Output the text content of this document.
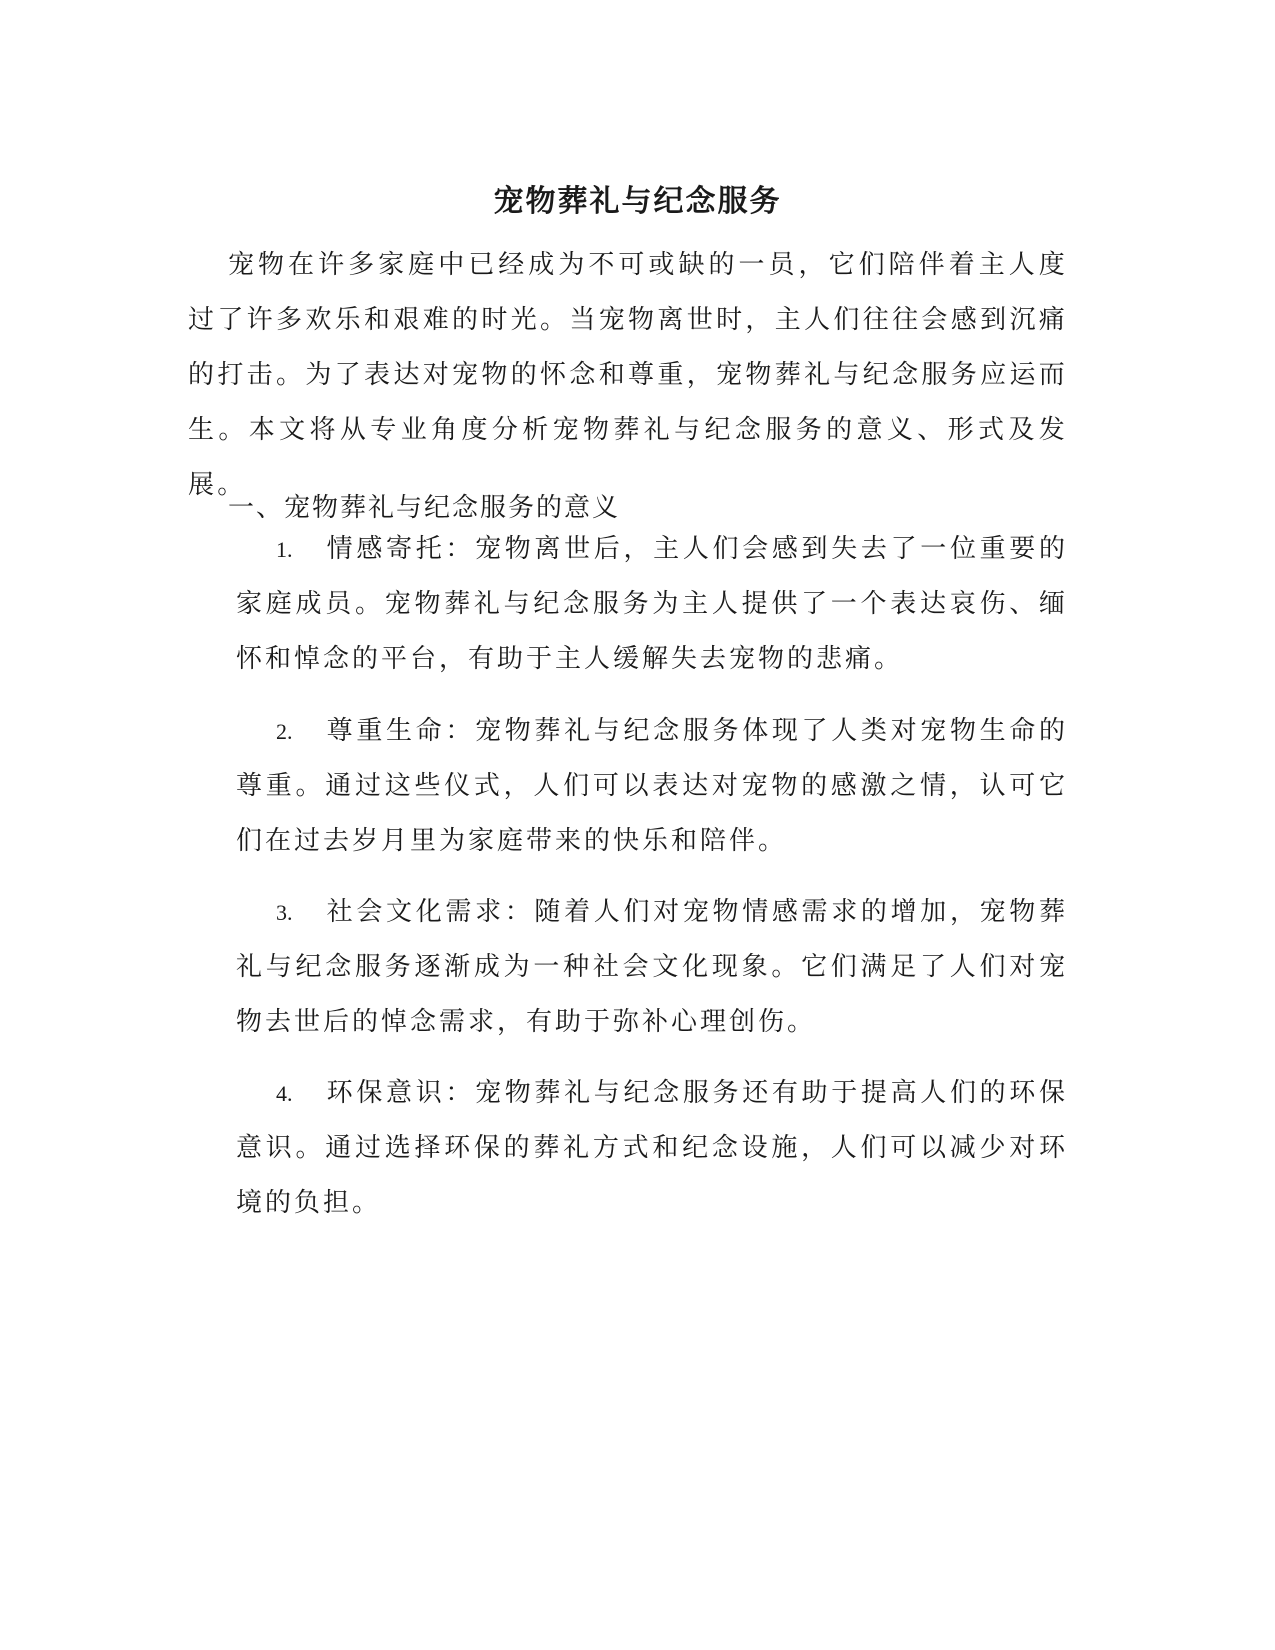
宠物葬礼与纪念服务

宠物在许多家庭中已经成为不可或缺的一员，它们陪伴着主人度过了许多欢乐和艰难的时光。当宠物离世时，主人们往往会感到沉痛的打击。为了表达对宠物的怀念和尊重，宠物葬礼与纪念服务应运而生。本文将从专业角度分析宠物葬礼与纪念服务的意义、形式及发展。

一、宠物葬礼与纪念服务的意义

1. 情感寄托：宠物离世后，主人们会感到失去了一位重要的家庭成员。宠物葬礼与纪念服务为主人提供了一个表达哀伤、缅怀和悼念的平台，有助于主人缓解失去宠物的悲痛。

2. 尊重生命：宠物葬礼与纪念服务体现了人类对宠物生命的尊重。通过这些仪式，人们可以表达对宠物的感激之情，认可它们在过去岁月里为家庭带来的快乐和陪伴。

3. 社会文化需求：随着人们对宠物情感需求的增加，宠物葬礼与纪念服务逐渐成为一种社会文化现象。它们满足了人们对宠物去世后的悼念需求，有助于弥补心理创伤。

4. 环保意识：宠物葬礼与纪念服务还有助于提高人们的环保意识。通过选择环保的葬礼方式和纪念设施，人们可以减少对环境的负担。
